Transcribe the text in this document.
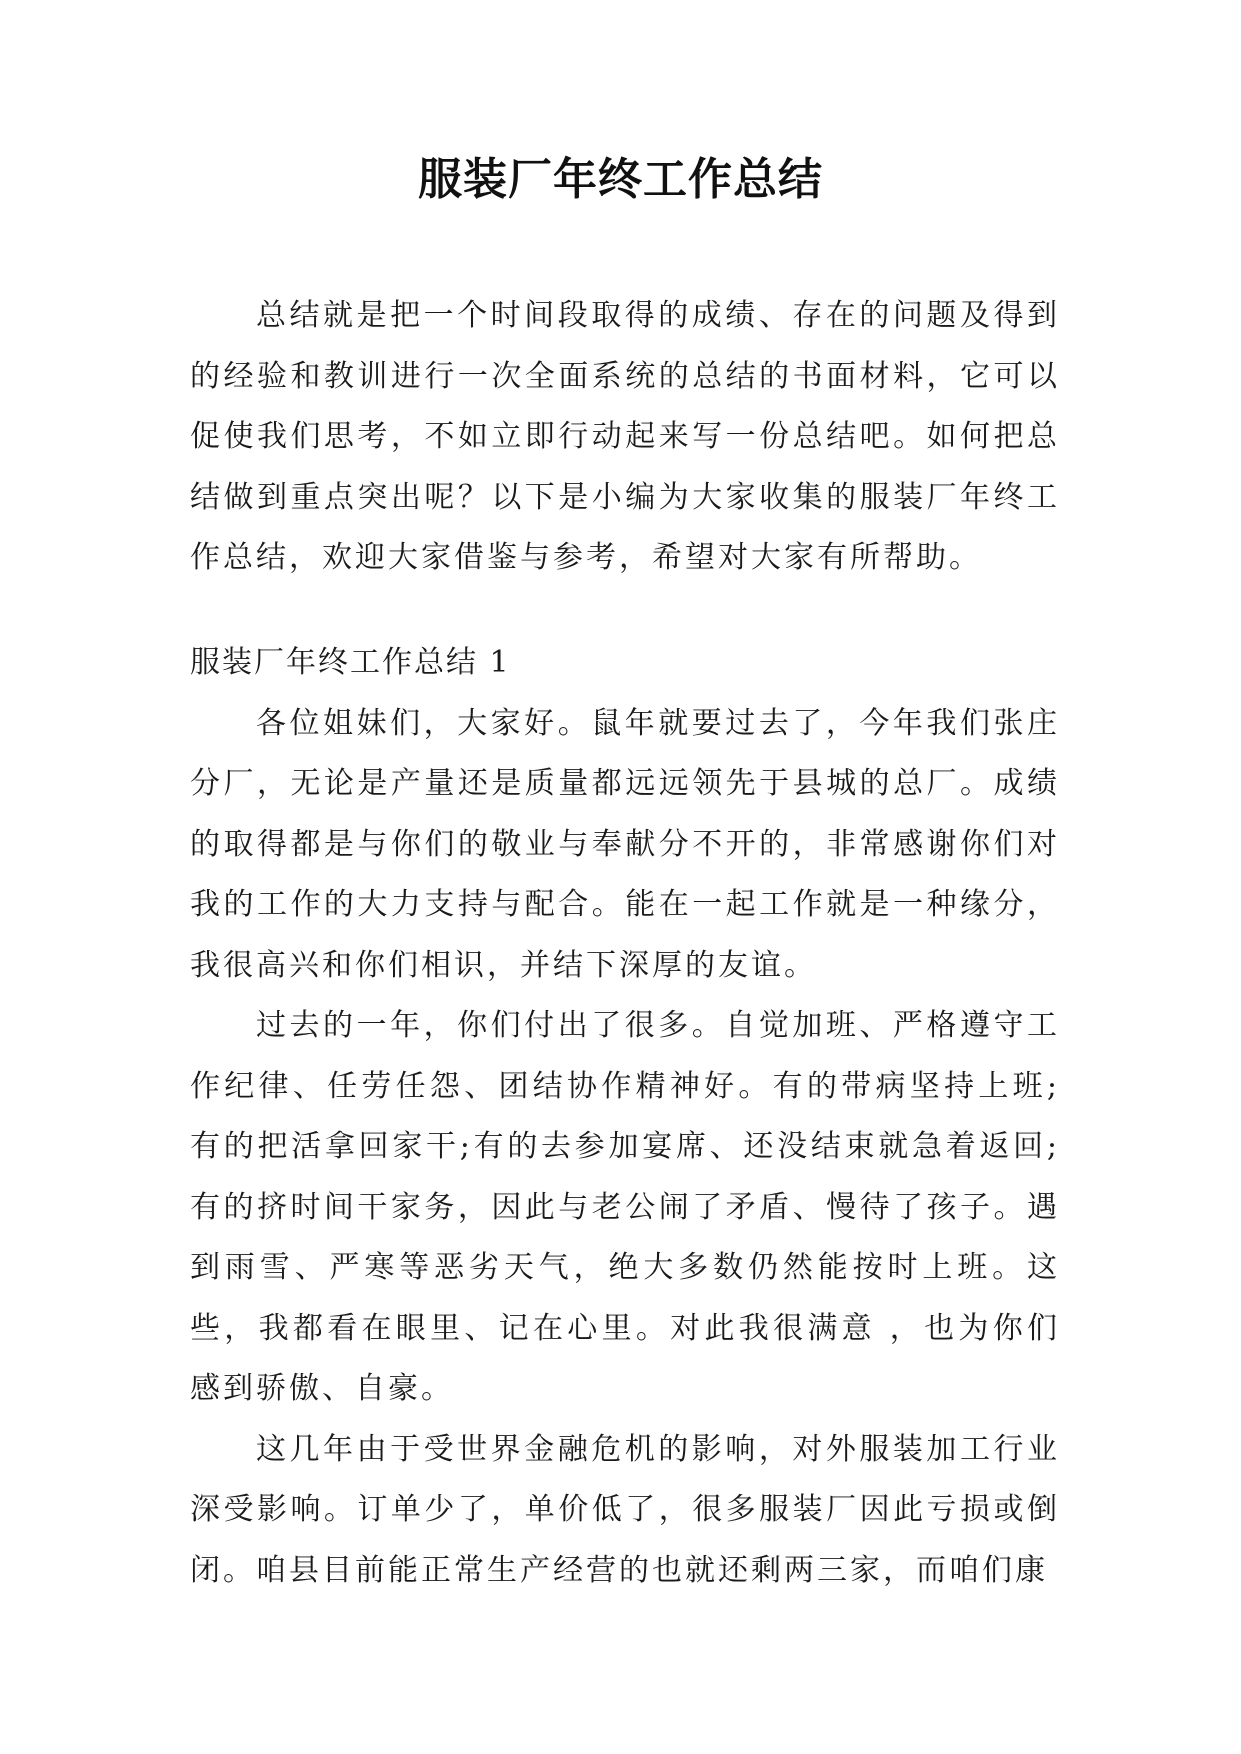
服装厂年终工作总结

总结就是把一个时间段取得的成绩、存在的问题及得到的经验和教训进行一次全面系统的总结的书面材料，它可以促使我们思考，不如立即行动起来写一份总结吧。如何把总结做到重点突出呢？以下是小编为大家收集的服装厂年终工作总结，欢迎大家借鉴与参考，希望对大家有所帮助。

服装厂年终工作总结 1

各位姐妹们，大家好。鼠年就要过去了，今年我们张庄分厂，无论是产量还是质量都远远领先于县城的总厂。成绩的取得都是与你们的敬业与奉献分不开的，非常感谢你们对我的工作的大力支持与配合。能在一起工作就是一种缘分，我很高兴和你们相识，并结下深厚的友谊。

过去的一年，你们付出了很多。自觉加班、严格遵守工作纪律、任劳任怨、团结协作精神好。有的带病坚持上班;有的把活拿回家干;有的去参加宴席、还没结束就急着返回;有的挤时间干家务，因此与老公闹了矛盾、慢待了孩子。遇到雨雪、严寒等恶劣天气，绝大多数仍然能按时上班。这些，我都看在眼里、记在心里。对此我很满意 ，也为你们感到骄傲、自豪。

这几年由于受世界金融危机的影响，对外服装加工行业深受影响。订单少了，单价低了，很多服装厂因此亏损或倒闭。咱县目前能正常生产经营的也就还剩两三家，而咱们康
